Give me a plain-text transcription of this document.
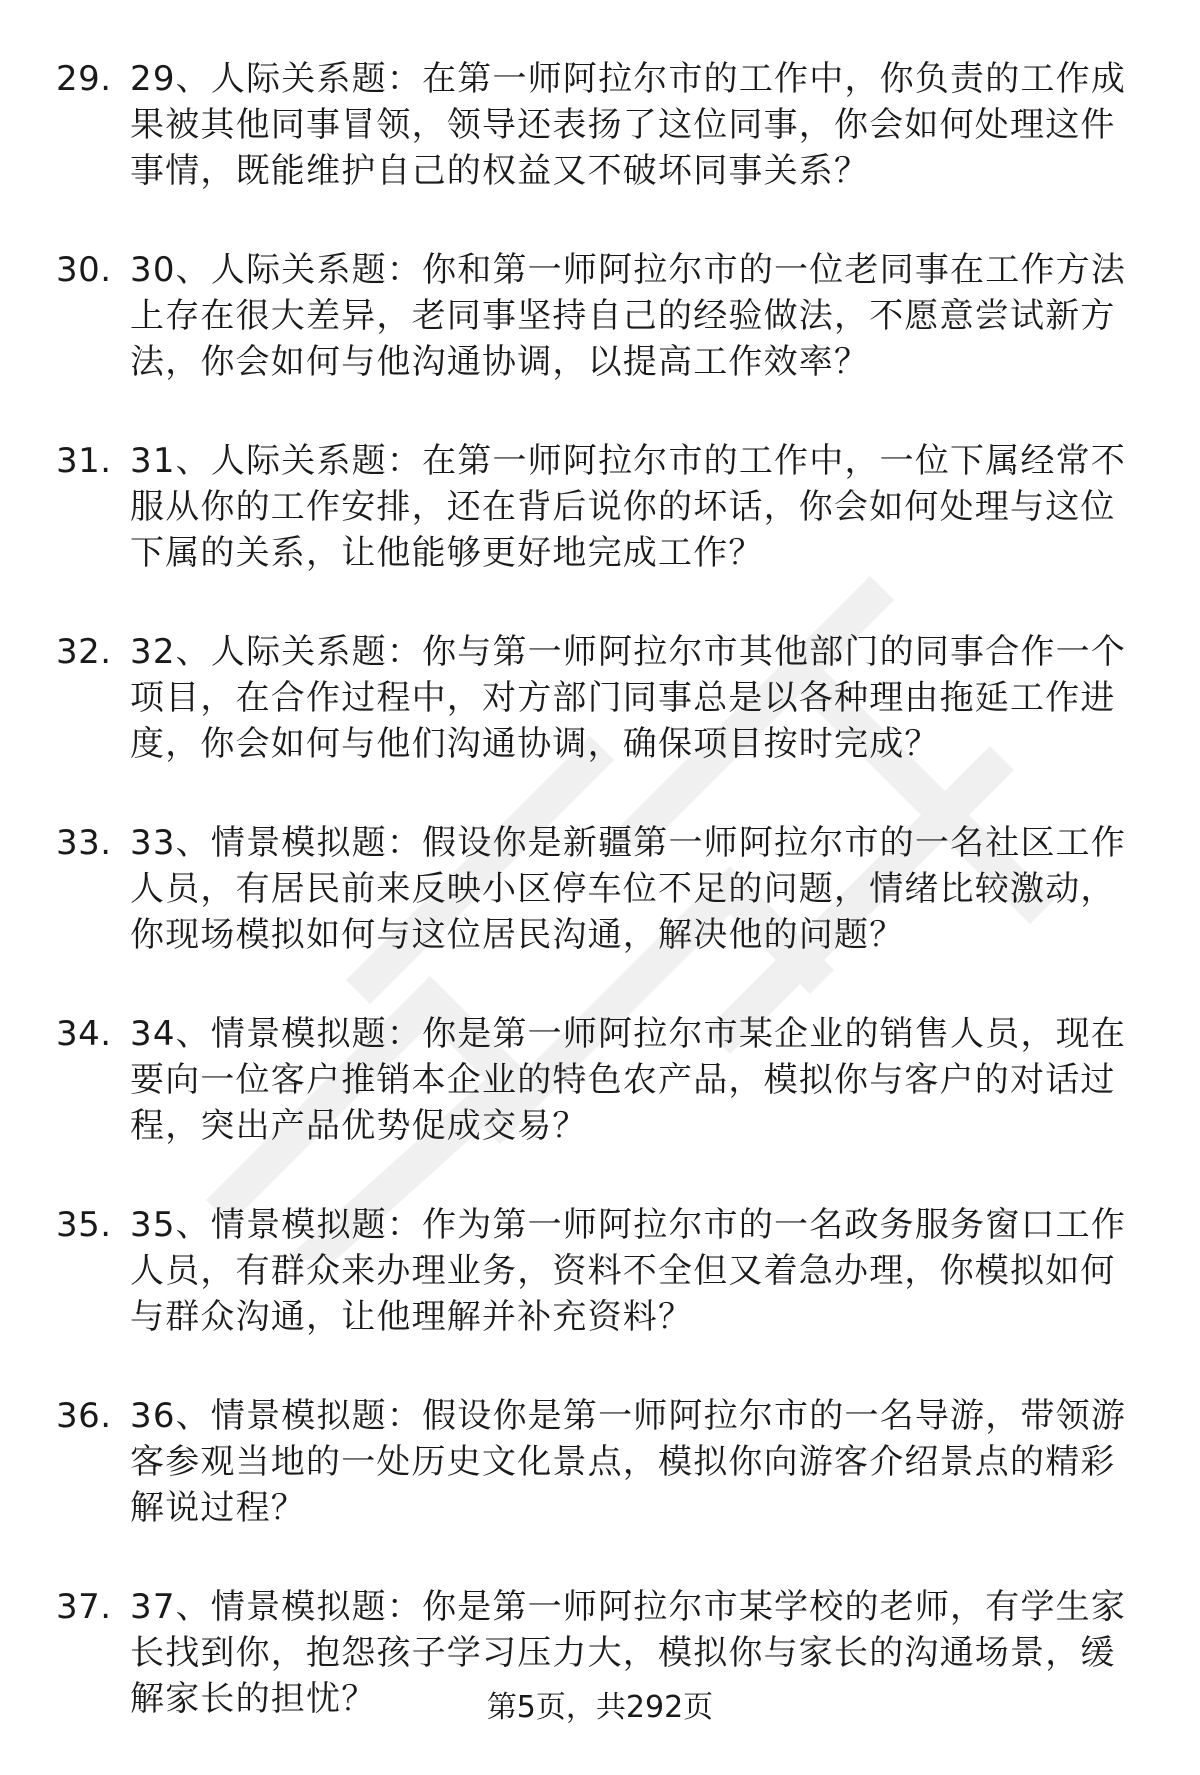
29. 29、人际关系题：在第一师阿拉尔市的工作中，你负责的工作成果被其他同事冒领，领导还表扬了这位同事，你会如何处理这件事情，既能维护自己的权益又不破坏同事关系？
30. 30、人际关系题：你和第一师阿拉尔市的一位老同事在工作方法上存在很大差异，老同事坚持自己的经验做法，不愿意尝试新方法，你会如何与他沟通协调，以提高工作效率？
31. 31、人际关系题：在第一师阿拉尔市的工作中，一位下属经常不服从你的工作安排，还在背后说你的坏话，你会如何处理与这位下属的关系，让他能够更好地完成工作？
32. 32、人际关系题：你与第一师阿拉尔市其他部门的同事合作一个项目，在合作过程中，对方部门同事总是以各种理由拖延工作进度，你会如何与他们沟通协调，确保项目按时完成？
33. 33、情景模拟题：假设你是新疆第一师阿拉尔市的一名社区工作人员，有居民前来反映小区停车位不足的问题，情绪比较激动，你现场模拟如何与这位居民沟通，解决他的问题？
34. 34、情景模拟题：你是第一师阿拉尔市某企业的销售人员，现在要向一位客户推销本企业的特色农产品，模拟你与客户的对话过程，突出产品优势促成交易？
35. 35、情景模拟题：作为第一师阿拉尔市的一名政务服务窗口工作人员，有群众来办理业务，资料不全但又着急办理，你模拟如何与群众沟通，让他理解并补充资料？
36. 36、情景模拟题：假设你是第一师阿拉尔市的一名导游，带领游客参观当地的一处历史文化景点，模拟你向游客介绍景点的精彩解说过程？
37. 37、情景模拟题：你是第一师阿拉尔市某学校的老师，有学生家长找到你，抱怨孩子学习压力大，模拟你与家长的沟通场景，缓解家长的担忧？	第5页，共292页
